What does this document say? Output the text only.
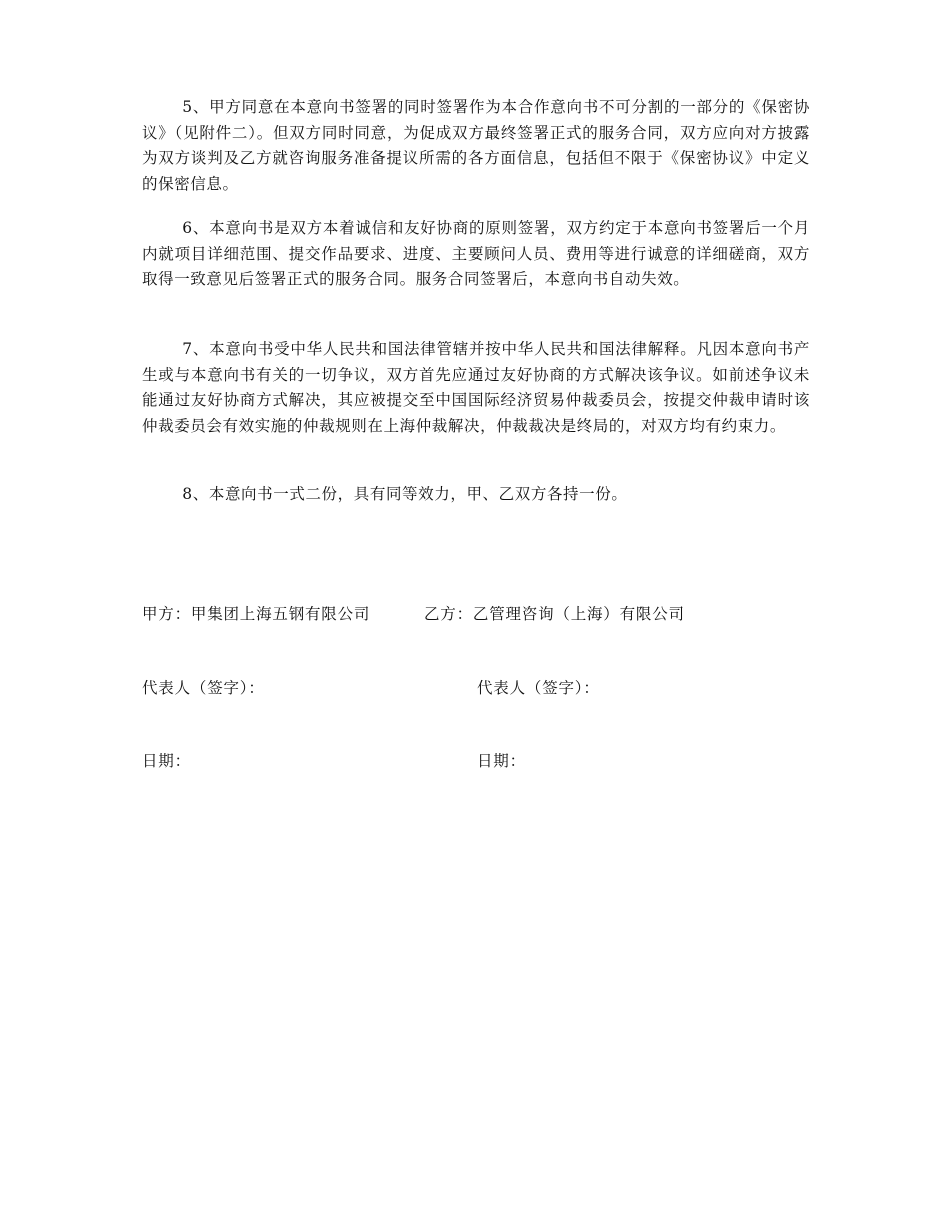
5、甲方同意在本意向书签署的同时签署作为本合作意向书不可分割的一部分的《保密协议》（见附件二）。但双方同时同意，为促成双方最终签署正式的服务合同，双方应向对方披露为双方谈判及乙方就咨询服务准备提议所需的各方面信息，包括但不限于《保密协议》中定义的保密信息。

6、本意向书是双方本着诚信和友好协商的原则签署，双方约定于本意向书签署后一个月内就项目详细范围、提交作品要求、进度、主要顾问人员、费用等进行诚意的详细磋商，双方取得一致意见后签署正式的服务合同。服务合同签署后，本意向书自动失效。

7、本意向书受中华人民共和国法律管辖并按中华人民共和国法律解释。凡因本意向书产生或与本意向书有关的一切争议，双方首先应通过友好协商的方式解决该争议。如前述争议未能通过友好协商方式解决，其应被提交至中国国际经济贸易仲裁委员会，按提交仲裁申请时该仲裁委员会有效实施的仲裁规则在上海仲裁解决，仲裁裁决是终局的，对双方均有约束力。

8、本意向书一式二份，具有同等效力，甲、乙双方各持一份。

甲方：甲集团上海五钢有限公司	乙方：乙管理咨询（上海）有限公司

代表人（签字）：	代表人（签字）：

日期：	日期：
